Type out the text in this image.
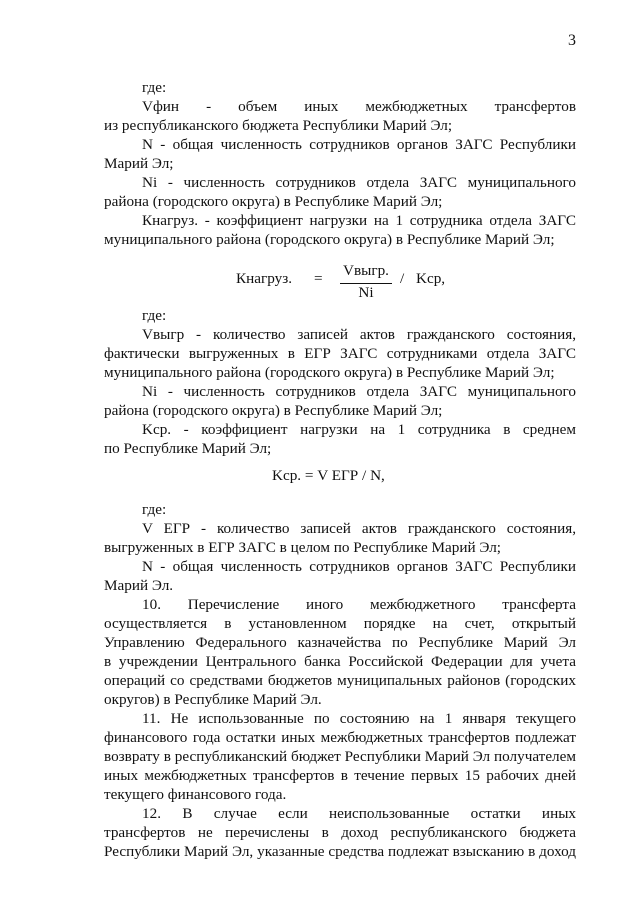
3
где:
Vфин - объем иных межбюджетных трансфертов
из республиканского бюджета Республики Марий Эл;
N - общая численность сотрудников органов ЗАГС Республики
Марий Эл;
Ni - численность сотрудников отдела ЗАГС муниципального
района (городского округа) в Республике Марий Эл;
Кнагруз. - коэффициент нагрузки на 1 сотрудника отдела ЗАГС
муниципального района (городского округа) в Республике Марий Эл;
Кнагруз. = Vвыгр.
Ni
/ Kср,
где:
Vвыгр - количество записей актов гражданского состояния,
фактически выгруженных в ЕГР ЗАГС сотрудниками отдела ЗАГС
муниципального района (городского округа) в Республике Марий Эл;
Ni - численность сотрудников отдела ЗАГС муниципального
района (городского округа) в Республике Марий Эл;
Kср. - коэффициент нагрузки на 1 сотрудника в среднем
по Республике Марий Эл;
Kср. = V ЕГР / N,
где:
V ЕГР - количество записей актов гражданского состояния,
выгруженных в ЕГР ЗАГС в целом по Республике Марий Эл;
N - общая численность сотрудников органов ЗАГС Республики
Марий Эл.
10. Перечисление иного межбюджетного трансферта
осуществляется в установленном порядке на счет, открытый
Управлению Федерального казначейства по Республике Марий Эл
в учреждении Центрального банка Российской Федерации для учета
операций со средствами бюджетов муниципальных районов (городских
округов) в Республике Марий Эл.
11. Не использованные по состоянию на 1 января текущего
финансового года остатки иных межбюджетных трансфертов подлежат
возврату в республиканский бюджет Республики Марий Эл получателем
иных межбюджетных трансфертов в течение первых 15 рабочих дней
текущего финансового года.
12. В случае если неиспользованные остатки иных
трансфертов не перечислены в доход республиканского бюджета
Республики Марий Эл, указанные средства подлежат взысканию в доход
